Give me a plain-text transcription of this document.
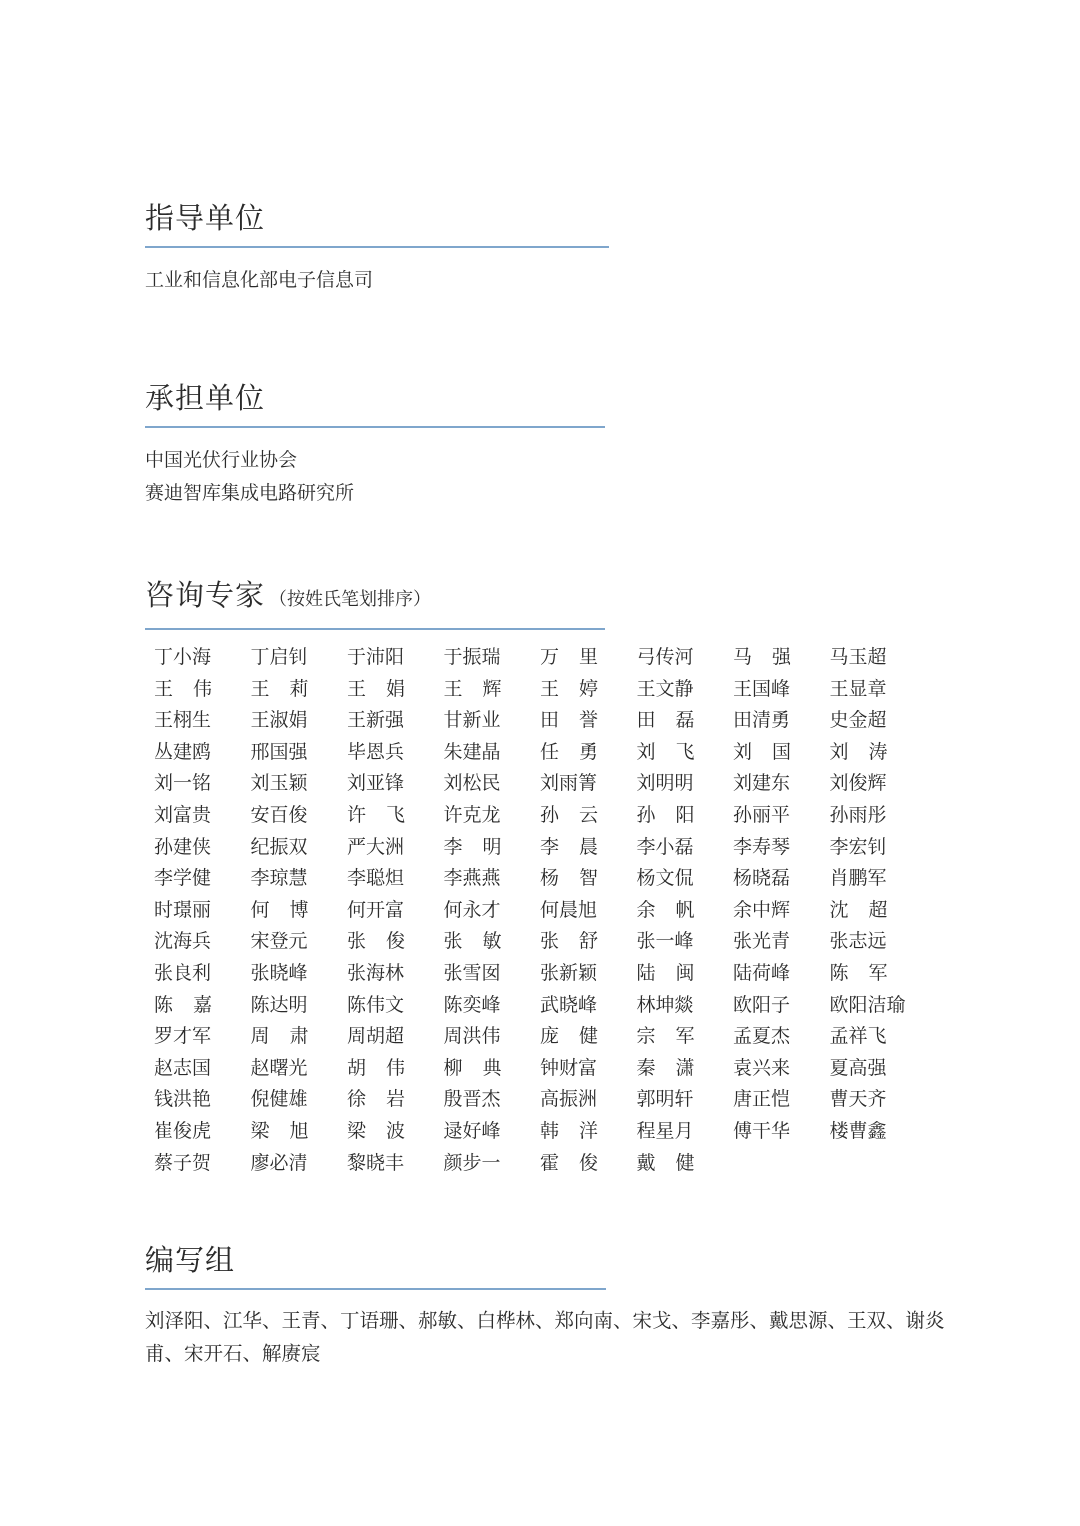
指导单位
工业和信息化部电子信息司
承担单位
中国光伏行业协会
赛迪智库集成电路研究所
咨询专家 （按姓氏笔划排序）
丁 小 海 丁 启 钊 于 沛 阳 于 振 瑞 万 里 弓 传 河 马 强 马 玉 超
王 伟 王 莉 王 娟 王 辉 王 婷 王 文 静 王 国 峰 王 显 章
王 栩 生 王 淑 娟 王 新 强 甘 新 业 田 誉 田 磊 田 清 勇 史 金 超
丛 建 鸥 邢 国 强 毕 恩 兵 朱 建 晶 任 勇 刘 飞 刘 国 刘 涛
刘 一 铭 刘 玉 颖 刘 亚 锋 刘 松 民 刘 雨 箐 刘 明 明 刘 建 东 刘 俊 辉
刘 富 贵 安 百 俊 许 飞 许 克 龙 孙 云 孙 阳 孙 丽 平 孙 雨 彤
孙 建 侠 纪 振 双 严 大 洲 李 明 李 晨 李 小 磊 李 寿 琴 李 宏 钊
李 学 健 李 琼 慧 李 聪 炟 李 燕 燕 杨 智 杨 文 侃 杨 晓 磊 肖 鹏 军
时 璟 丽 何 博 何 开 富 何 永 才 何 晨 旭 余 帆 余 中 辉 沈 超
沈 海 兵 宋 登 元 张 俊 张 敏 张 舒 张 一 峰 张 光 青 张 志 远
张 良 利 张 晓 峰 张 海 林 张 雪 囡 张 新 颖 陆 闽 陆 荷 峰 陈 军
陈 嘉 陈 达 明 陈 伟 文 陈 奕 峰 武 晓 峰 林 坤 燚 欧 阳 子 欧阳洁瑜
罗 才 军 周 肃 周 胡 超 周 洪 伟 庞 健 宗 军 孟 夏 杰 孟 祥 飞
赵 志 国 赵 曙 光 胡 伟 柳 典 钟 财 富 秦 潇 袁 兴 来 夏 高 强
钱 洪 艳 倪 健 雄 徐 岩 殷 晋 杰 高 振 洲 郭 明 轩 唐 正 恺 曹 天 齐
崔 俊 虎 梁 旭 梁 波 逯 好 峰 韩 洋 程 星 月 傅 干 华 楼 曹 鑫
蔡 子 贺 廖 必 清 黎 晓 丰 颜 步 一 霍 俊 戴 健
编写组
刘泽阳、江华、王青、丁语珊、郝敏、白桦林、郑向南、宋戈、李嘉彤、戴思源、王双、谢炎甫、宋开石、解赓宸
